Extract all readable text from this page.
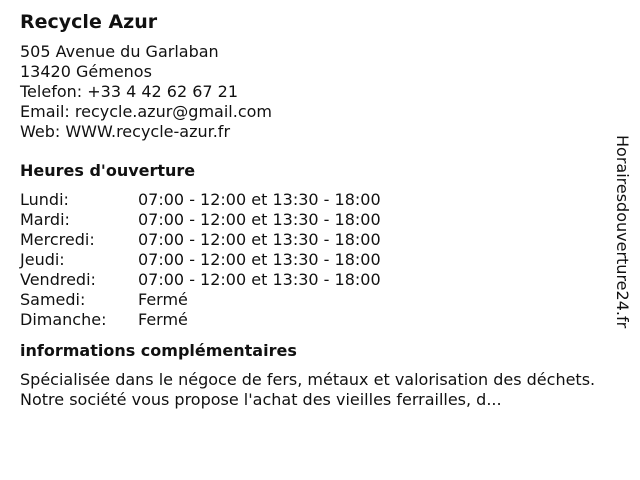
Recycle Azur

505 Avenue du Garlaban

13420 Gémenos

Telefon: +33 4 42 62 67 21

Email: recycle.azur@gmail.com

Web: WWW.recycle-azur.fr

Heures d'ouverture
Lundi:	07:00 - 12:00 et 13:30 - 18:00
Mardi:	07:00 - 12:00 et 13:30 - 18:00
Mercredi:	07:00 - 12:00 et 13:30 - 18:00
Jeudi:	07:00 - 12:00 et 13:30 - 18:00
Vendredi:	07:00 - 12:00 et 13:30 - 18:00
Samedi:	Fermé
Dimanche:	Fermé
informations complémentaires

Spécialisée dans le négoce de fers, métaux et valorisation des déchets. Notre société vous propose l'achat des vieilles ferrailles, d...

Horairesdouverture24.fr
